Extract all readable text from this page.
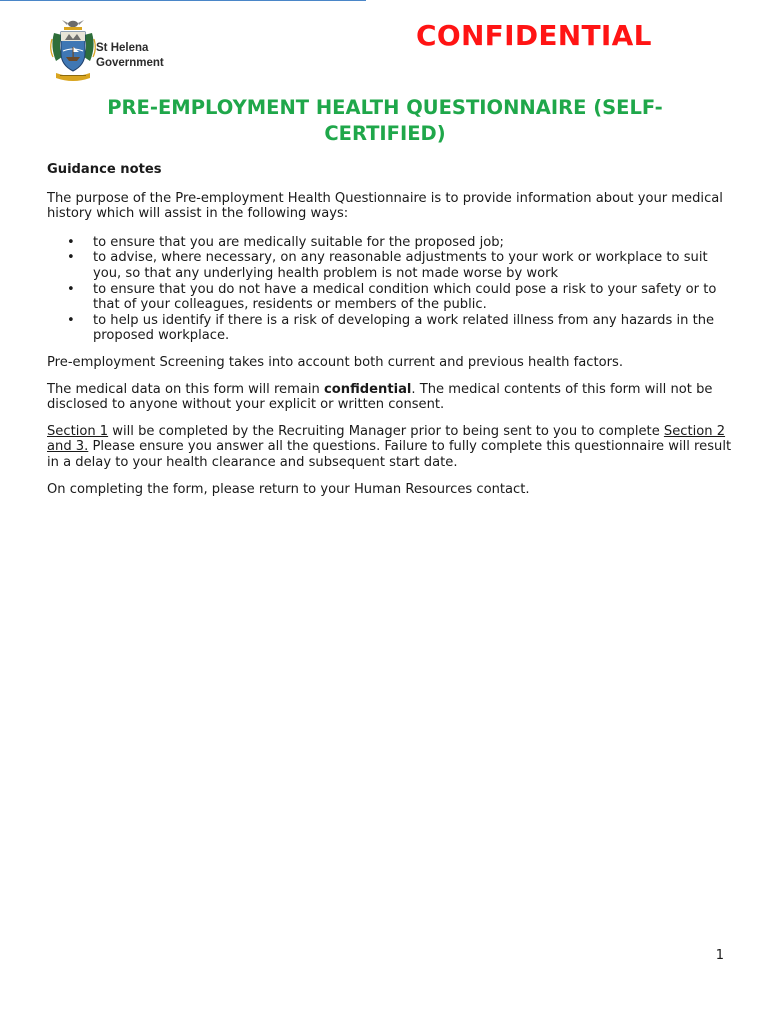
St Helena
Government
CONFIDENTIAL
PRE-EMPLOYMENT HEALTH QUESTIONNAIRE (SELF-
CERTIFIED)

Guidance notes

The purpose of the Pre-employment Health Questionnaire is to provide information about your medical history which will assist in the following ways:

• to ensure that you are medically suitable for the proposed job;
• to advise, where necessary, on any reasonable adjustments to your work or workplace to suit you, so that any underlying health problem is not made worse by work
• to ensure that you do not have a medical condition which could pose a risk to your safety or to that of your colleagues, residents or members of the public.
• to help us identify if there is a risk of developing a work related illness from any hazards in the proposed workplace.

Pre-employment Screening takes into account both current and previous health factors.

The medical data on this form will remain confidential. The medical contents of this form will not be disclosed to anyone without your explicit or written consent.

Section 1 will be completed by the Recruiting Manager prior to being sent to you to complete Section 2 and 3. Please ensure you answer all the questions. Failure to fully complete this questionnaire will result in a delay to your health clearance and subsequent start date.

On completing the form, please return to your Human Resources contact.

1
